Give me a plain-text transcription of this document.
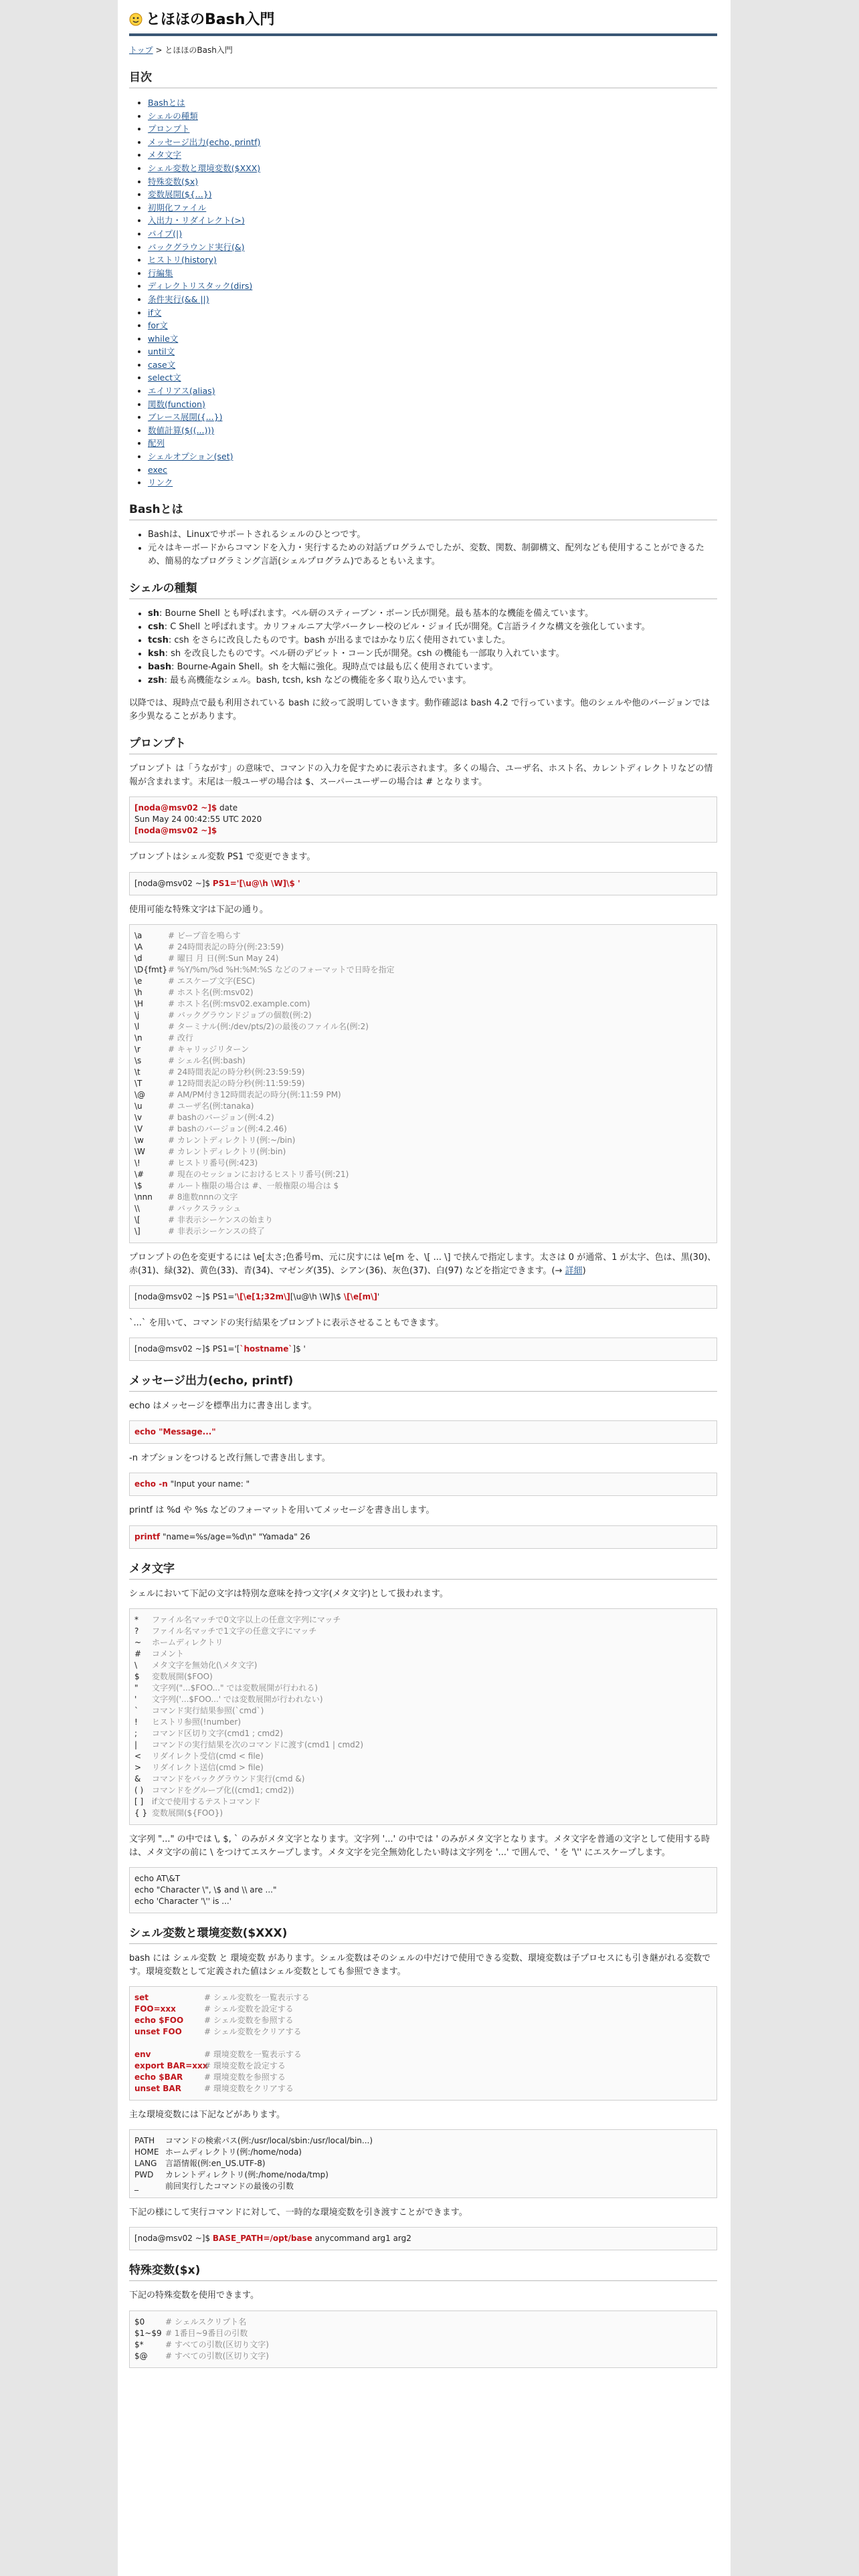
とほほのBash入門
トップ > とほほのBash入門
目次
• Bashとは
• シェルの種類
• プロンプト
• メッセージ出力(echo, printf)
• メタ文字
• シェル変数と環境変数($XXX)
• 特殊変数($x)
• 変数展開(${...})
• 初期化ファイル
• 入出力・リダイレクト(>)
• パイプ(|)
• バックグラウンド実行(&)
• ヒストリ(history)
• 行編集
• ディレクトリスタック(dirs)
• 条件実行(&& ||)
• if文
• for文
• while文
• until文
• case文
• select文
• エイリアス(alias)
• 関数(function)
• ブレース展開({...})
• 数値計算($((...)))
• 配列
• シェルオプション(set)
• exec
• リンク
Bashとは
• Bashは、Linuxでサポートされるシェルのひとつです。
• 元々はキーボードからコマンドを入力・実行するための対話プログラムでしたが、変数、関数、制御構文、配列なども使用することができるため、簡易的なプログラミング言語(シェルプログラム)であるともいえます。
シェルの種類
• sh: Bourne Shell とも呼ばれます。ベル研のスティーブン・ボーン氏が開発。最も基本的な機能を備えています。
• csh: C Shell と呼ばれます。カリフォルニア大学バークレー校のビル・ジョイ氏が開発。C言語ライクな構文を強化しています。
• tcsh: csh をさらに改良したものです。bash が出るまではかなり広く使用されていました。
• ksh: sh を改良したものです。ベル研のデビット・コーン氏が開発。csh の機能も一部取り入れています。
• bash: Bourne-Again Shell。sh を大幅に強化。現時点では最も広く使用されています。
• zsh: 最も高機能なシェル。bash, tcsh, ksh などの機能を多く取り込んでいます。

以降では、現時点で最も利用されている bash に絞って説明していきます。動作確認は bash 4.2 で行っています。他のシェルや他のバージョンでは多少異なることがあります。

プロンプト

プロンプト は「うながす」の意味で、コマンドの入力を促すために表示されます。多くの場合、ユーザ名、ホスト名、カレントディレクトリなどの情報が含まれます。末尾は一般ユーザの場合は $、スーパーユーザーの場合は # となります。

[noda@msv02 ~]$ date
Sun May 24 00:42:55 UTC 2020
[noda@msv02 ~]$

プロンプトはシェル変数 PS1 で変更できます。

[noda@msv02 ~]$ PS1='[\u@\h \W]\$ '

使用可能な特殊文字は下記の通り。

\a	# ビープ音を鳴らす
\A	# 24時間表記の時分(例:23:59)
\d	# 曜日 月 日(例:Sun May 24)
\D{fmt}# %Y/%m/%d %H:%M:%S などのフォーマットで日時を指定
\e	# エスケープ文字(ESC)
\h	# ホスト名(例:msv02)
\H	# ホスト名(例:msv02.example.com)
\j	# バックグラウンドジョブの個数(例:2)
\l	# ターミナル(例:/dev/pts/2)の最後のファイル名(例:2)
\n	# 改行
\r	# キャリッジリターン
\s	# シェル名(例:bash)
\t	# 24時間表記の時分秒(例:23:59:59)
\T	# 12時間表記の時分秒(例:11:59:59)
\@	# AM/PM付き12時間表記の時分(例:11:59 PM)
\u	# ユーザ名(例:tanaka)
\v	# bashのバージョン(例:4.2)
\V	# bashのバージョン(例:4.2.46)
\w	# カレントディレクトリ(例:~/bin)
\W	# カレントディレクトリ(例:bin)
\!	# ヒストリ番号(例:423)
\#	# 現在のセッションにおけるヒストリ番号(例:21)
\$	# ルート権限の場合は #、一般権限の場合は $
\nnn # 8進数nnnの文字
\\	# バックスラッシュ
\[	# 非表示シーケンスの始まり
\]	# 非表示シーケンスの終了

プロンプトの色を変更するには \e[太さ;色番号m、元に戻すには \e[m を、\[ ... \] で挟んで指定します。太さは 0 が通常、1 が太字、色は、黒(30)、赤(31)、緑(32)、黄色(33)、青(34)、マゼンダ(35)、シアン(36)、灰色(37)、白(97) などを指定できます。(→ 詳細)

[noda@msv02 ~]$ PS1='\[\e[1;32m\][\u@\h \W]\$ \[\e[m\]'

`...` を用いて、コマンドの実行結果をプロンプトに表示させることもできます。

[noda@msv02 ~]$ PS1='[`hostname`]$ '
メッセージ出力(echo, printf)

echo はメッセージを標準出力に書き出します。

echo "Message..."

-n オプションをつけると改行無しで書き出します。

echo -n "Input your name: "

printf は %d や %s などのフォーマットを用いてメッセージを書き出します。

printf "name=%s/age=%d\n" "Yamada" 26
メタ文字

シェルにおいて下記の文字は特別な意味を持つ文字(メタ文字)として扱われます。

* ファイル名マッチで0文字以上の任意文字列にマッチ
? ファイル名マッチで1文字の任意文字にマッチ
~ ホームディレクトリ
# コメント
\ メタ文字を無効化(\メタ文字)
$ 変数展開($FOO)
" 文字列("...$FOO..." では変数展開が行われる)
' 文字列('...$FOO...' では変数展開が行われない)
` コマンド実行結果参照(`cmd`)
! ヒストリ参照(!number)
; コマンド区切り文字(cmd1 ; cmd2)
| コマンドの実行結果を次のコマンドに渡す(cmd1 | cmd2)
< リダイレクト受信(cmd < file)
> リダイレクト送信(cmd > file)
& コマンドをバックグラウンド実行(cmd &)
( ) コマンドをグループ化((cmd1; cmd2))
[ ] if文で使用するテストコマンド
{ } 変数展開(${FOO})

文字列 "..." の中では \, $, ` のみがメタ文字となります。文字列 '...' の中では ' のみがメタ文字となります。メタ文字を普通の文字として使用する時は、メタ文字の前に \ をつけてエスケープします。メタ文字を完全無効化したい時は文字列を '...' で囲んで、' を '\'' にエスケープします。

echo AT\&T
echo "Character \", \$ and \\ are ..."
echo 'Character '\'' is ...'
シェル変数と環境変数($XXX)

bash には シェル変数 と 環境変数 があります。シェル変数はそのシェルの中だけで使用できる変数、環境変数は子プロセスにも引き継がれる変数です。環境変数として定義された値はシェル変数としても参照できます。

set	# シェル変数を一覧表示する
FOO=xxx	# シェル変数を設定する
echo $FOO	# シェル変数を参照する
unset FOO	# シェル変数をクリアする
env	# 環境変数を一覧表示する
export BAR=xxx# 環境変数を設定する
echo $BAR	# 環境変数を参照する
unset BAR	# 環境変数をクリアする

主な環境変数には下記などがあります。

PATH コマンドの検索パス(例:/usr/local/sbin:/usr/local/bin...)
HOME ホームディレクトリ(例:/home/noda)
LANG 言語情報(例:en_US.UTF-8)
PWD カレントディレクトリ(例:/home/noda/tmp)
_	前回実行したコマンドの最後の引数

下記の様にして実行コマンドに対して、一時的な環境変数を引き渡すことができます。

[noda@msv02 ~]$ BASE_PATH=/opt/base anycommand arg1 arg2
特殊変数($x)

下記の特殊変数を使用できます。

$0	# シェルスクリプト名
$1~$9 # 1番目~9番目の引数
$*	# すべての引数(区切り文字)
$@ # すべての引数(区切り文字)
